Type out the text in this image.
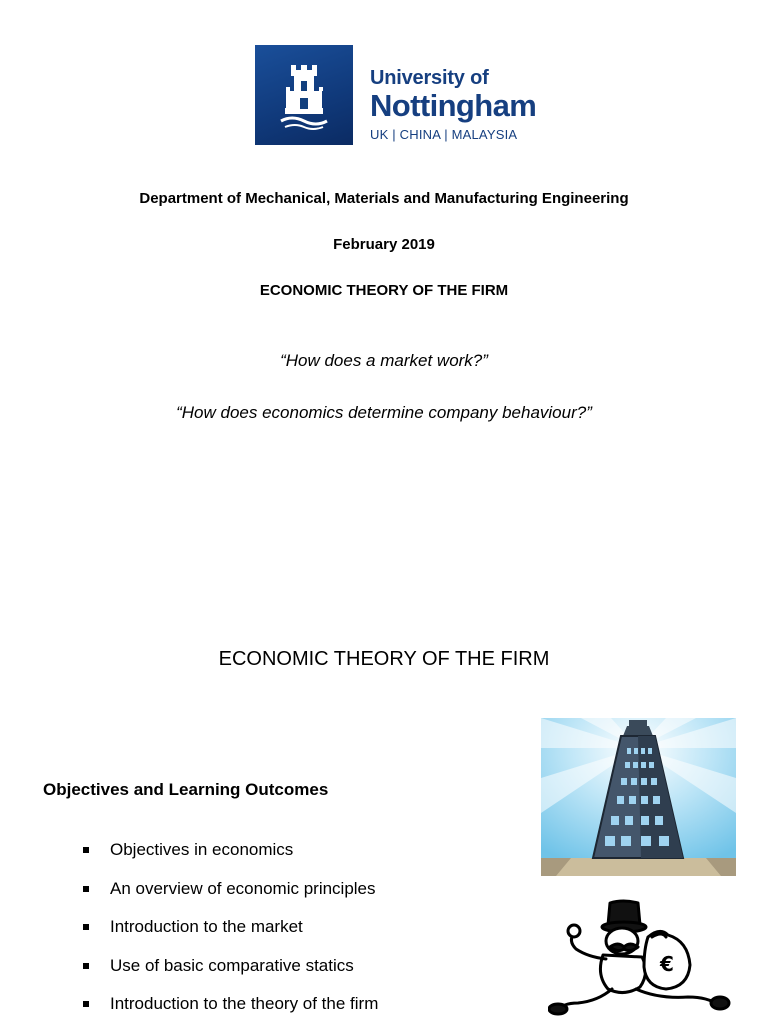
University of
Nottingham
UK | CHINA | MALAYSIA
Department of Mechanical, Materials and Manufacturing Engineering
February 2019
ECONOMIC THEORY OF THE FIRM
“How does a market work?”
“How does economics determine company behaviour?”
ECONOMIC THEORY OF THE FIRM
Objectives and Learning Outcomes
Objectives in economics
An overview of economic principles
Introduction to the market
Use of basic comparative statics
Introduction to the theory of the firm
€
